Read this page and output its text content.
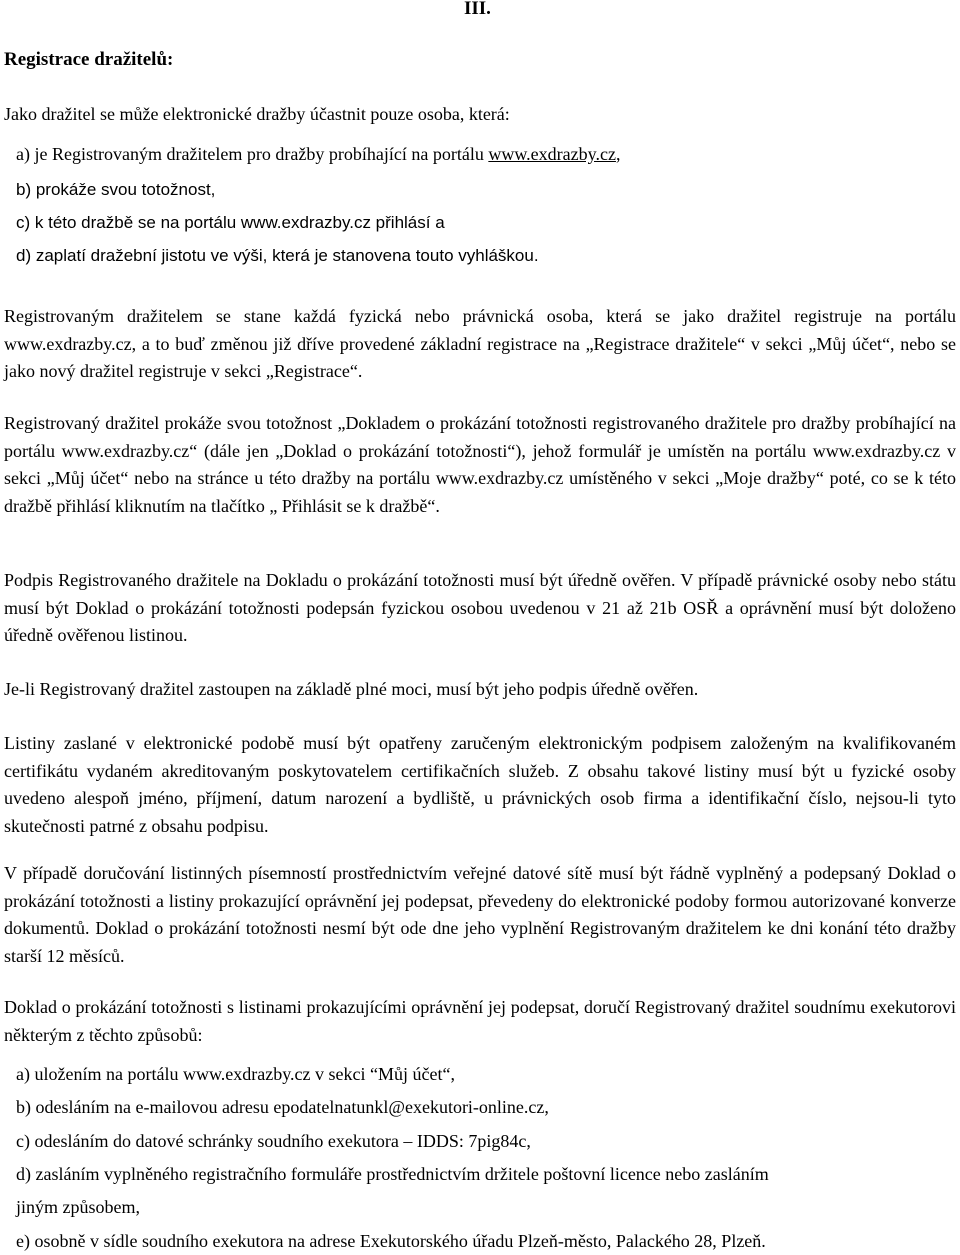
III.
Registrace dražitelů:
Jako dražitel se může elektronické dražby účastnit pouze osoba, která:
a) je Registrovaným dražitelem pro dražby probíhající na portálu www.exdrazby.cz,
b) prokáže svou totožnost,
c) k této dražbě se na portálu www.exdrazby.cz přihlásí a
d) zaplatí dražební jistotu ve výši, která je stanovena touto vyhláškou.
Registrovaným dražitelem se stane každá fyzická nebo právnická osoba, která se jako dražitel registruje na portálu www.exdrazby.cz, a to buď změnou již dříve provedené základní registrace na „Registrace dražitele“ v sekci „Můj účet“, nebo se jako nový dražitel registruje v sekci „Registrace“.
Registrovaný dražitel prokáže svou totožnost „Dokladem o prokázání totožnosti registrovaného dražitele pro dražby probíhající na portálu www.exdrazby.cz“ (dále jen „Doklad o prokázání totožnosti“), jehož formulář je umístěn na portálu www.exdrazby.cz v sekci „Můj účet“ nebo na stránce u této dražby na portálu www.exdrazby.cz umístěného v sekci „Moje dražby“ poté, co se k této dražbě přihlásí kliknutím na tlačítko „ Přihlásit se k dražbě“.
Podpis Registrovaného dražitele na Dokladu o prokázání totožnosti musí být úředně ověřen. V případě právnické osoby nebo státu musí být Doklad o prokázání totožnosti podepsán fyzickou osobou uvedenou v 21 až 21b OSŘ a oprávnění musí být doloženo úředně ověřenou listinou.
Je-li Registrovaný dražitel zastoupen na základě plné moci, musí být jeho podpis úředně ověřen.
Listiny zaslané v elektronické podobě musí být opatřeny zaručeným elektronickým podpisem založeným na kvalifikovaném certifikátu vydaném akreditovaným poskytovatelem certifikačních služeb. Z obsahu takové listiny musí být u fyzické osoby uvedeno alespoň jméno, příjmení, datum narození a bydliště, u právnických osob firma a identifikační číslo, nejsou-li tyto skutečnosti patrné z obsahu podpisu.
V případě doručování listinných písemností prostřednictvím veřejné datové sítě musí být řádně vyplněný a podepsaný Doklad o prokázání totožnosti a listiny prokazující oprávnění jej podepsat, převedeny do elektronické podoby formou autorizované konverze dokumentů. Doklad o prokázání totožnosti nesmí být ode dne jeho vyplnění Registrovaným dražitelem ke dni konání této dražby starší 12 měsíců.
Doklad o prokázání totožnosti s listinami prokazujícími oprávnění jej podepsat, doručí Registrovaný dražitel soudnímu exekutorovi některým z těchto způsobů:
a) uložením na portálu www.exdrazby.cz v sekci “Můj účet“,
b) odesláním na e-mailovou adresu epodatelnatunkl@exekutori-online.cz,
c) odesláním do datové schránky soudního exekutora – IDDS: 7pig84c,
d) zasláním vyplněného registračního formuláře prostřednictvím držitele poštovní licence nebo zasláním
jiným způsobem,
e) osobně v sídle soudního exekutora na adrese Exekutorského úřadu Plzeň-město, Palackého 28, Plzeň.
